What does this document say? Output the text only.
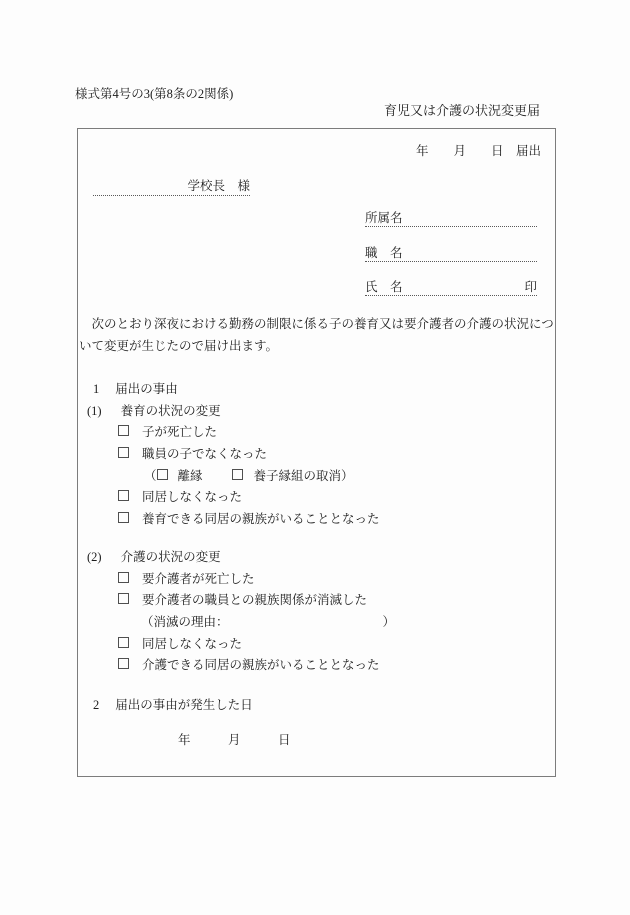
様式第4号の3(第8条の2関係)
育児又は介護の状況変更届
年　　月　　日　届出
学校長　様
所属名
職　名
氏　名	印
　次のとおり深夜における勤務の制限に係る子の養育又は要介護者の介護の状況について変更が生じたので届け出ます。
1 届出の事由
(1) 養育の状況の変更
子が死亡した
職員の子でなくなった
（ 離縁	養子縁組の取消）
同居しなくなった
養育できる同居の親族がいることとなった
(2) 介護の状況の変更
要介護者が死亡した
要介護者の職員との親族関係が消滅した
（消滅の理由：	）
同居しなくなった
介護できる同居の親族がいることとなった
2 届出の事由が発生した日
年　　　月　　　日
